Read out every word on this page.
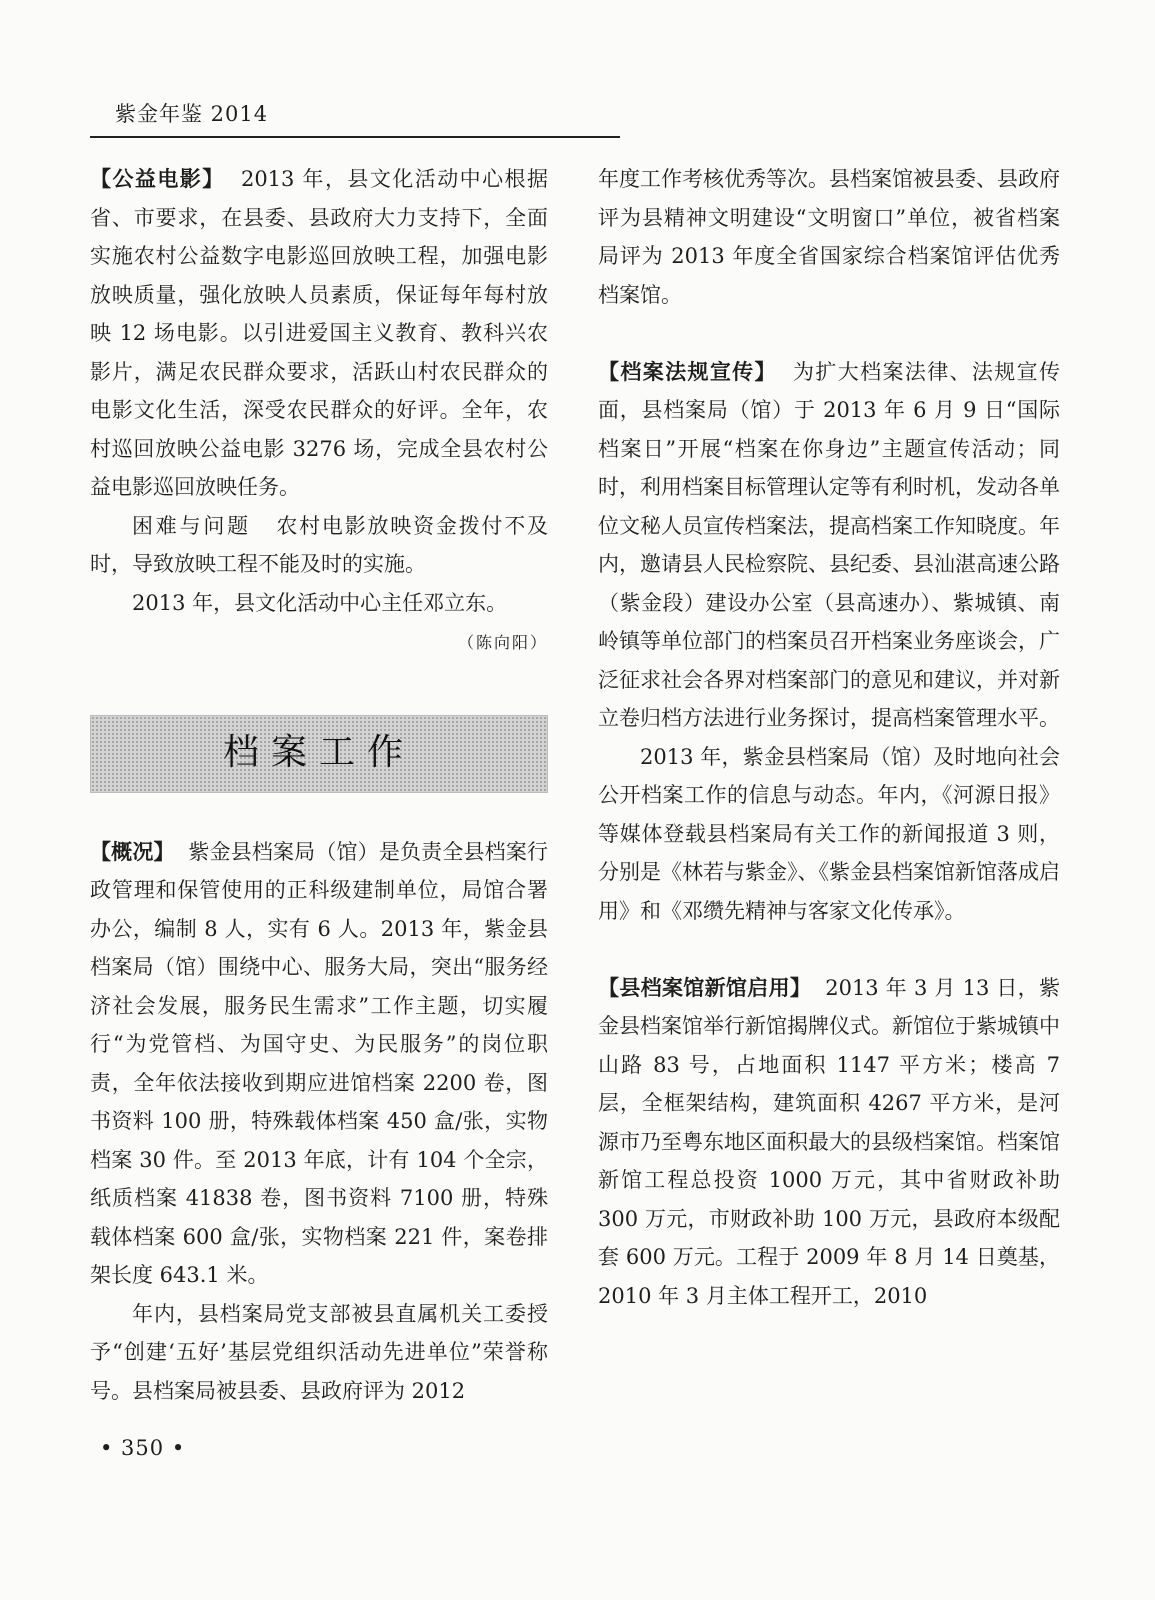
紫金年鉴 2014

【公益电影】 2013 年，县文化活动中心根据省、市要求，在县委、县政府大力支持下，全面实施农村公益数字电影巡回放映工程，加强电影放映质量，强化放映人员素质，保证每年每村放映 12 场电影。以引进爱国主义教育、教科兴农影片，满足农民群众要求，活跃山村农民群众的电影文化生活，深受农民群众的好评。全年，农村巡回放映公益电影 3276 场，完成全县农村公益电影巡回放映任务。

困难与问题 农村电影放映资金拨付不及时，导致放映工程不能及时的实施。

2013 年，县文化活动中心主任邓立东。

（陈向阳）

档案工作

【概况】 紫金县档案局（馆）是负责全县档案行政管理和保管使用的正科级建制单位，局馆合署办公，编制 8 人，实有 6 人。2013 年，紫金县档案局（馆）围绕中心、服务大局，突出“服务经济社会发展，服务民生需求”工作主题，切实履行“为党管档、为国守史、为民服务”的岗位职责，全年依法接收到期应进馆档案 2200 卷，图书资料 100 册，特殊载体档案 450 盒/张，实物档案 30 件。至 2013 年底，计有 104 个全宗，纸质档案 41838 卷，图书资料 7100 册，特殊载体档案 600 盒/张，实物档案 221 件，案卷排架长度 643.1 米。

年内，县档案局党支部被县直属机关工委授予“创建‘五好’基层党组织活动先进单位”荣誉称号。县档案局被县委、县政府评为 2012

年度工作考核优秀等次。县档案馆被县委、县政府评为县精神文明建设“文明窗口”单位，被省档案局评为 2013 年度全省国家综合档案馆评估优秀档案馆。

【档案法规宣传】 为扩大档案法律、法规宣传面，县档案局（馆）于 2013 年 6 月 9 日“国际档案日”开展“档案在你身边”主题宣传活动；同时，利用档案目标管理认定等有利时机，发动各单位文秘人员宣传档案法，提高档案工作知晓度。年内，邀请县人民检察院、县纪委、县汕湛高速公路（紫金段）建设办公室（县高速办）、紫城镇、南岭镇等单位部门的档案员召开档案业务座谈会，广泛征求社会各界对档案部门的意见和建议，并对新立卷归档方法进行业务探讨，提高档案管理水平。

2013 年，紫金县档案局（馆）及时地向社会公开档案工作的信息与动态。年内，《河源日报》等媒体登载县档案局有关工作的新闻报道 3 则，分别是《林若与紫金》、《紫金县档案馆新馆落成启用》和《邓缵先精神与客家文化传承》。

【县档案馆新馆启用】 2013 年 3 月 13 日，紫金县档案馆举行新馆揭牌仪式。新馆位于紫城镇中山路 83 号，占地面积 1147 平方米；楼高 7 层，全框架结构，建筑面积 4267 平方米，是河源市乃至粤东地区面积最大的县级档案馆。档案馆新馆工程总投资 1000 万元，其中省财政补助 300 万元，市财政补助 100 万元，县政府本级配套 600 万元。工程于 2009 年 8 月 14 日奠基，2010 年 3 月主体工程开工，2010

• 350 •
